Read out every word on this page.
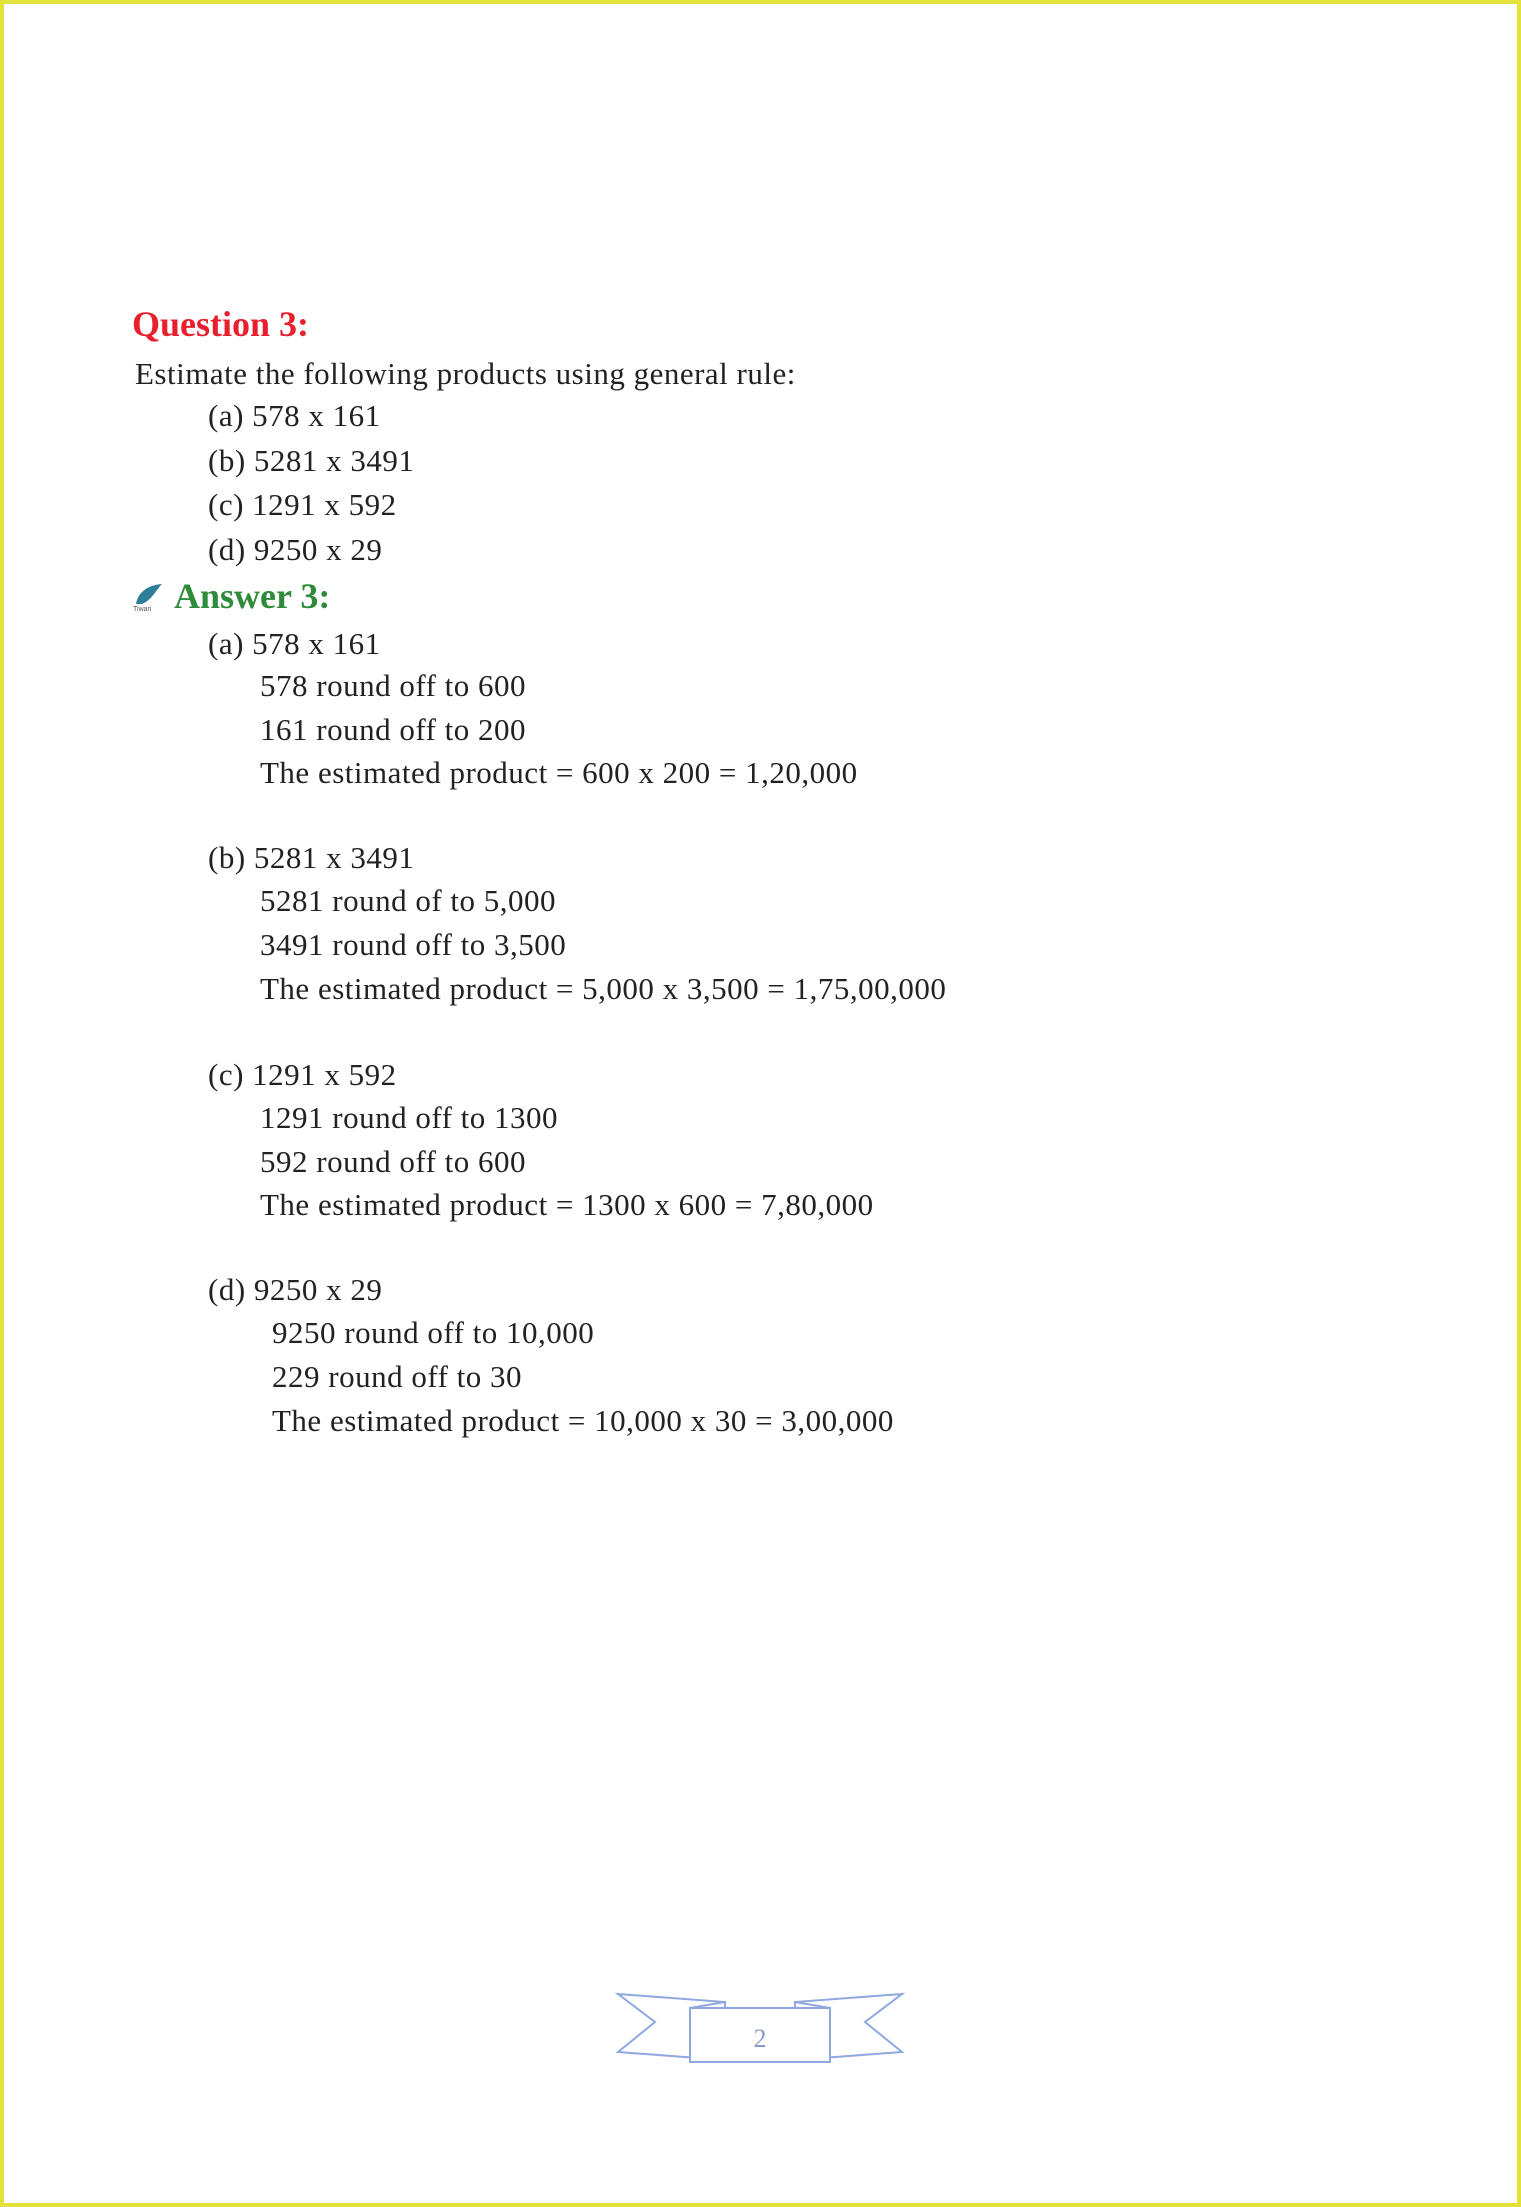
Question 3:
Estimate the following products using general rule:
(a) 578 x 161
(b) 5281 x 3491
(c) 1291 x 592
(d) 9250 x 29
Tiwari Answer 3:
(a) 578 x 161
578 round off to 600
161 round off to 200
The estimated product = 600 x 200 = 1,20,000
(b) 5281 x 3491
5281 round of to 5,000
3491 round off to 3,500
The estimated product = 5,000 x 3,500 = 1,75,00,000
(c) 1291 x 592
1291 round off to 1300
592 round off to 600
The estimated product = 1300 x 600 = 7,80,000
(d) 9250 x 29
9250 round off to 10,000
229 round off to 30
The estimated product = 10,000 x 30 = 3,00,000
2
